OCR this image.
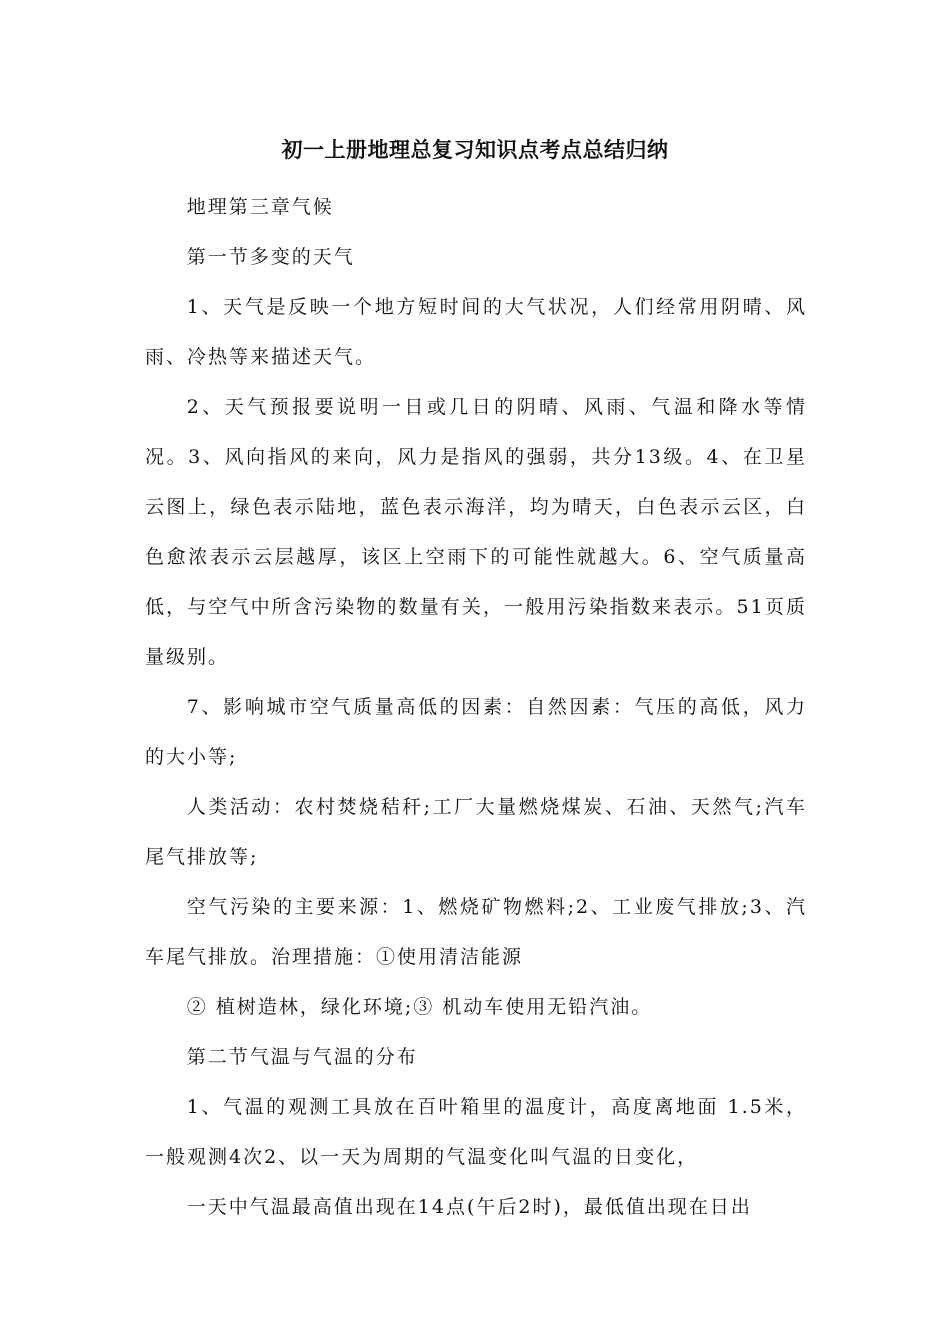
初一上册地理总复习知识点考点总结归纳

地理第三章气候

第一节多变的天气

1、天气是反映一个地方短时间的大气状况，人们经常用阴晴、风雨、冷热等来描述天气。

2、天气预报要说明一日或几日的阴晴、风雨、气温和降水等情况。3、风向指风的来向，风力是指风的强弱，共分13级。4、在卫星云图上，绿色表示陆地，蓝色表示海洋，均为晴天，白色表示云区，白色愈浓表示云层越厚，该区上空雨下的可能性就越大。6、空气质量高低，与空气中所含污染物的数量有关，一般用污染指数来表示。51页质量级别。

7、影响城市空气质量高低的因素：自然因素：气压的高低，风力的大小等;

人类活动：农村焚烧秸秆;工厂大量燃烧煤炭、石油、天然气;汽车尾气排放等;

空气污染的主要来源：1、燃烧矿物燃料;2、工业废气排放;3、汽车尾气排放。治理措施：①使用清洁能源

② 植树造林，绿化环境;③ 机动车使用无铅汽油。

第二节气温与气温的分布

1、气温的观测工具放在百叶箱里的温度计，高度离地面 1.5米，一般观测4次2、以一天为周期的气温变化叫气温的日变化，

一天中气温最高值出现在14点(午后2时)，最低值出现在日出
